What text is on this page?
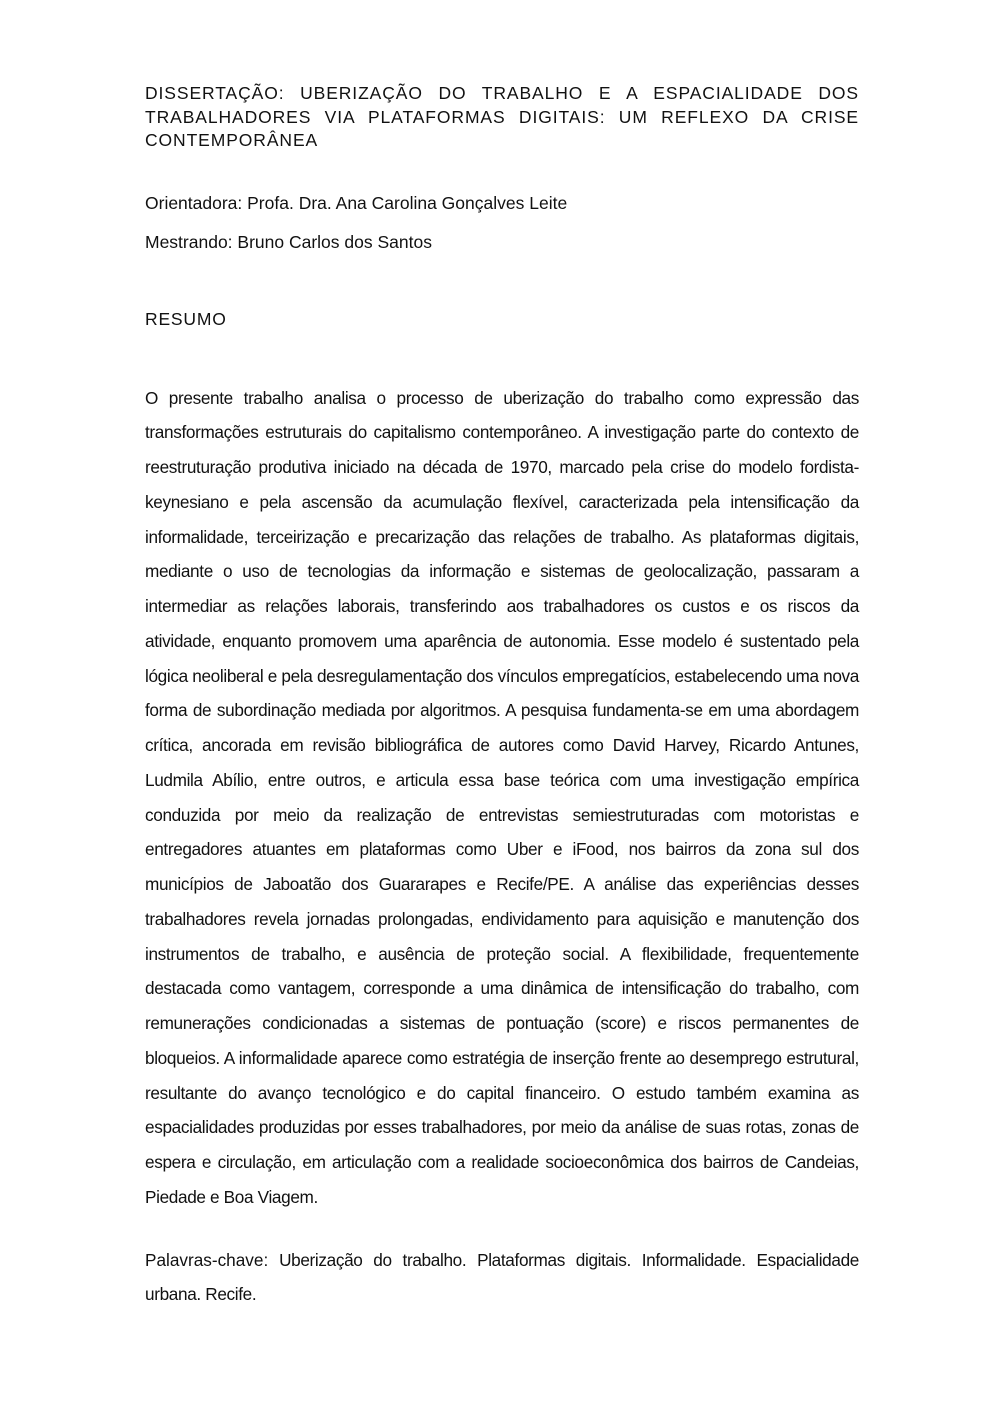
DISSERTAÇÃO: UBERIZAÇÃO DO TRABALHO E A ESPACIALIDADE DOS TRABALHADORES VIA PLATAFORMAS DIGITAIS: UM REFLEXO DA CRISE CONTEMPORÂNEA

Orientadora: Profa. Dra. Ana Carolina Gonçalves Leite

Mestrando: Bruno Carlos dos Santos

RESUMO

O presente trabalho analisa o processo de uberização do trabalho como expressão das transformações estruturais do capitalismo contemporâneo. A investigação parte do contexto de reestruturação produtiva iniciado na década de 1970, marcado pela crise do modelo fordista-keynesiano e pela ascensão da acumulação flexível, caracterizada pela intensificação da informalidade, terceirização e precarização das relações de trabalho. As plataformas digitais, mediante o uso de tecnologias da informação e sistemas de geolocalização, passaram a intermediar as relações laborais, transferindo aos trabalhadores os custos e os riscos da atividade, enquanto promovem uma aparência de autonomia. Esse modelo é sustentado pela lógica neoliberal e pela desregulamentação dos vínculos empregatícios, estabelecendo uma nova forma de subordinação mediada por algoritmos. A pesquisa fundamenta-se em uma abordagem crítica, ancorada em revisão bibliográfica de autores como David Harvey, Ricardo Antunes, Ludmila Abílio, entre outros, e articula essa base teórica com uma investigação empírica conduzida por meio da realização de entrevistas semiestruturadas com motoristas e entregadores atuantes em plataformas como Uber e iFood, nos bairros da zona sul dos municípios de Jaboatão dos Guararapes e Recife/PE. A análise das experiências desses trabalhadores revela jornadas prolongadas, endividamento para aquisição e manutenção dos instrumentos de trabalho, e ausência de proteção social. A flexibilidade, frequentemente destacada como vantagem, corresponde a uma dinâmica de intensificação do trabalho, com remunerações condicionadas a sistemas de pontuação (score) e riscos permanentes de bloqueios. A informalidade aparece como estratégia de inserção frente ao desemprego estrutural, resultante do avanço tecnológico e do capital financeiro. O estudo também examina as espacialidades produzidas por esses trabalhadores, por meio da análise de suas rotas, zonas de espera e circulação, em articulação com a realidade socioeconômica dos bairros de Candeias, Piedade e Boa Viagem.

Palavras-chave: Uberização do trabalho. Plataformas digitais. Informalidade. Espacialidade urbana. Recife.
